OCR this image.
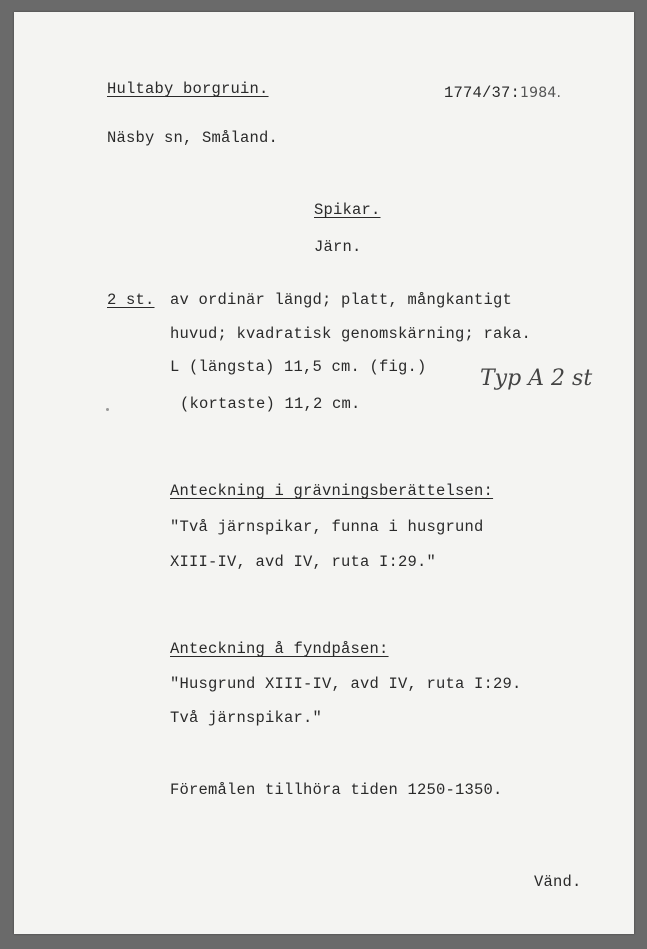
Hultaby borgruin.	1774/37:1984.
Näsby sn, Småland.
Spikar.
Järn.
2 st. av ordinär längd; platt, mångkantigt
huvud; kvadratisk genomskärning; raka.
L (längsta) 11,5 cm. (fig.)
(kortaste) 11,2 cm.
Typ A 2 st
Anteckning i grävningsberättelsen:
"Två järnspikar, funna i husgrund
XIII-IV, avd IV, ruta I:29."
Anteckning å fyndpåsen:
"Husgrund XIII-IV, avd IV, ruta I:29.
Två järnspikar."
Föremålen tillhöra tiden 1250-1350.
Vänd.
